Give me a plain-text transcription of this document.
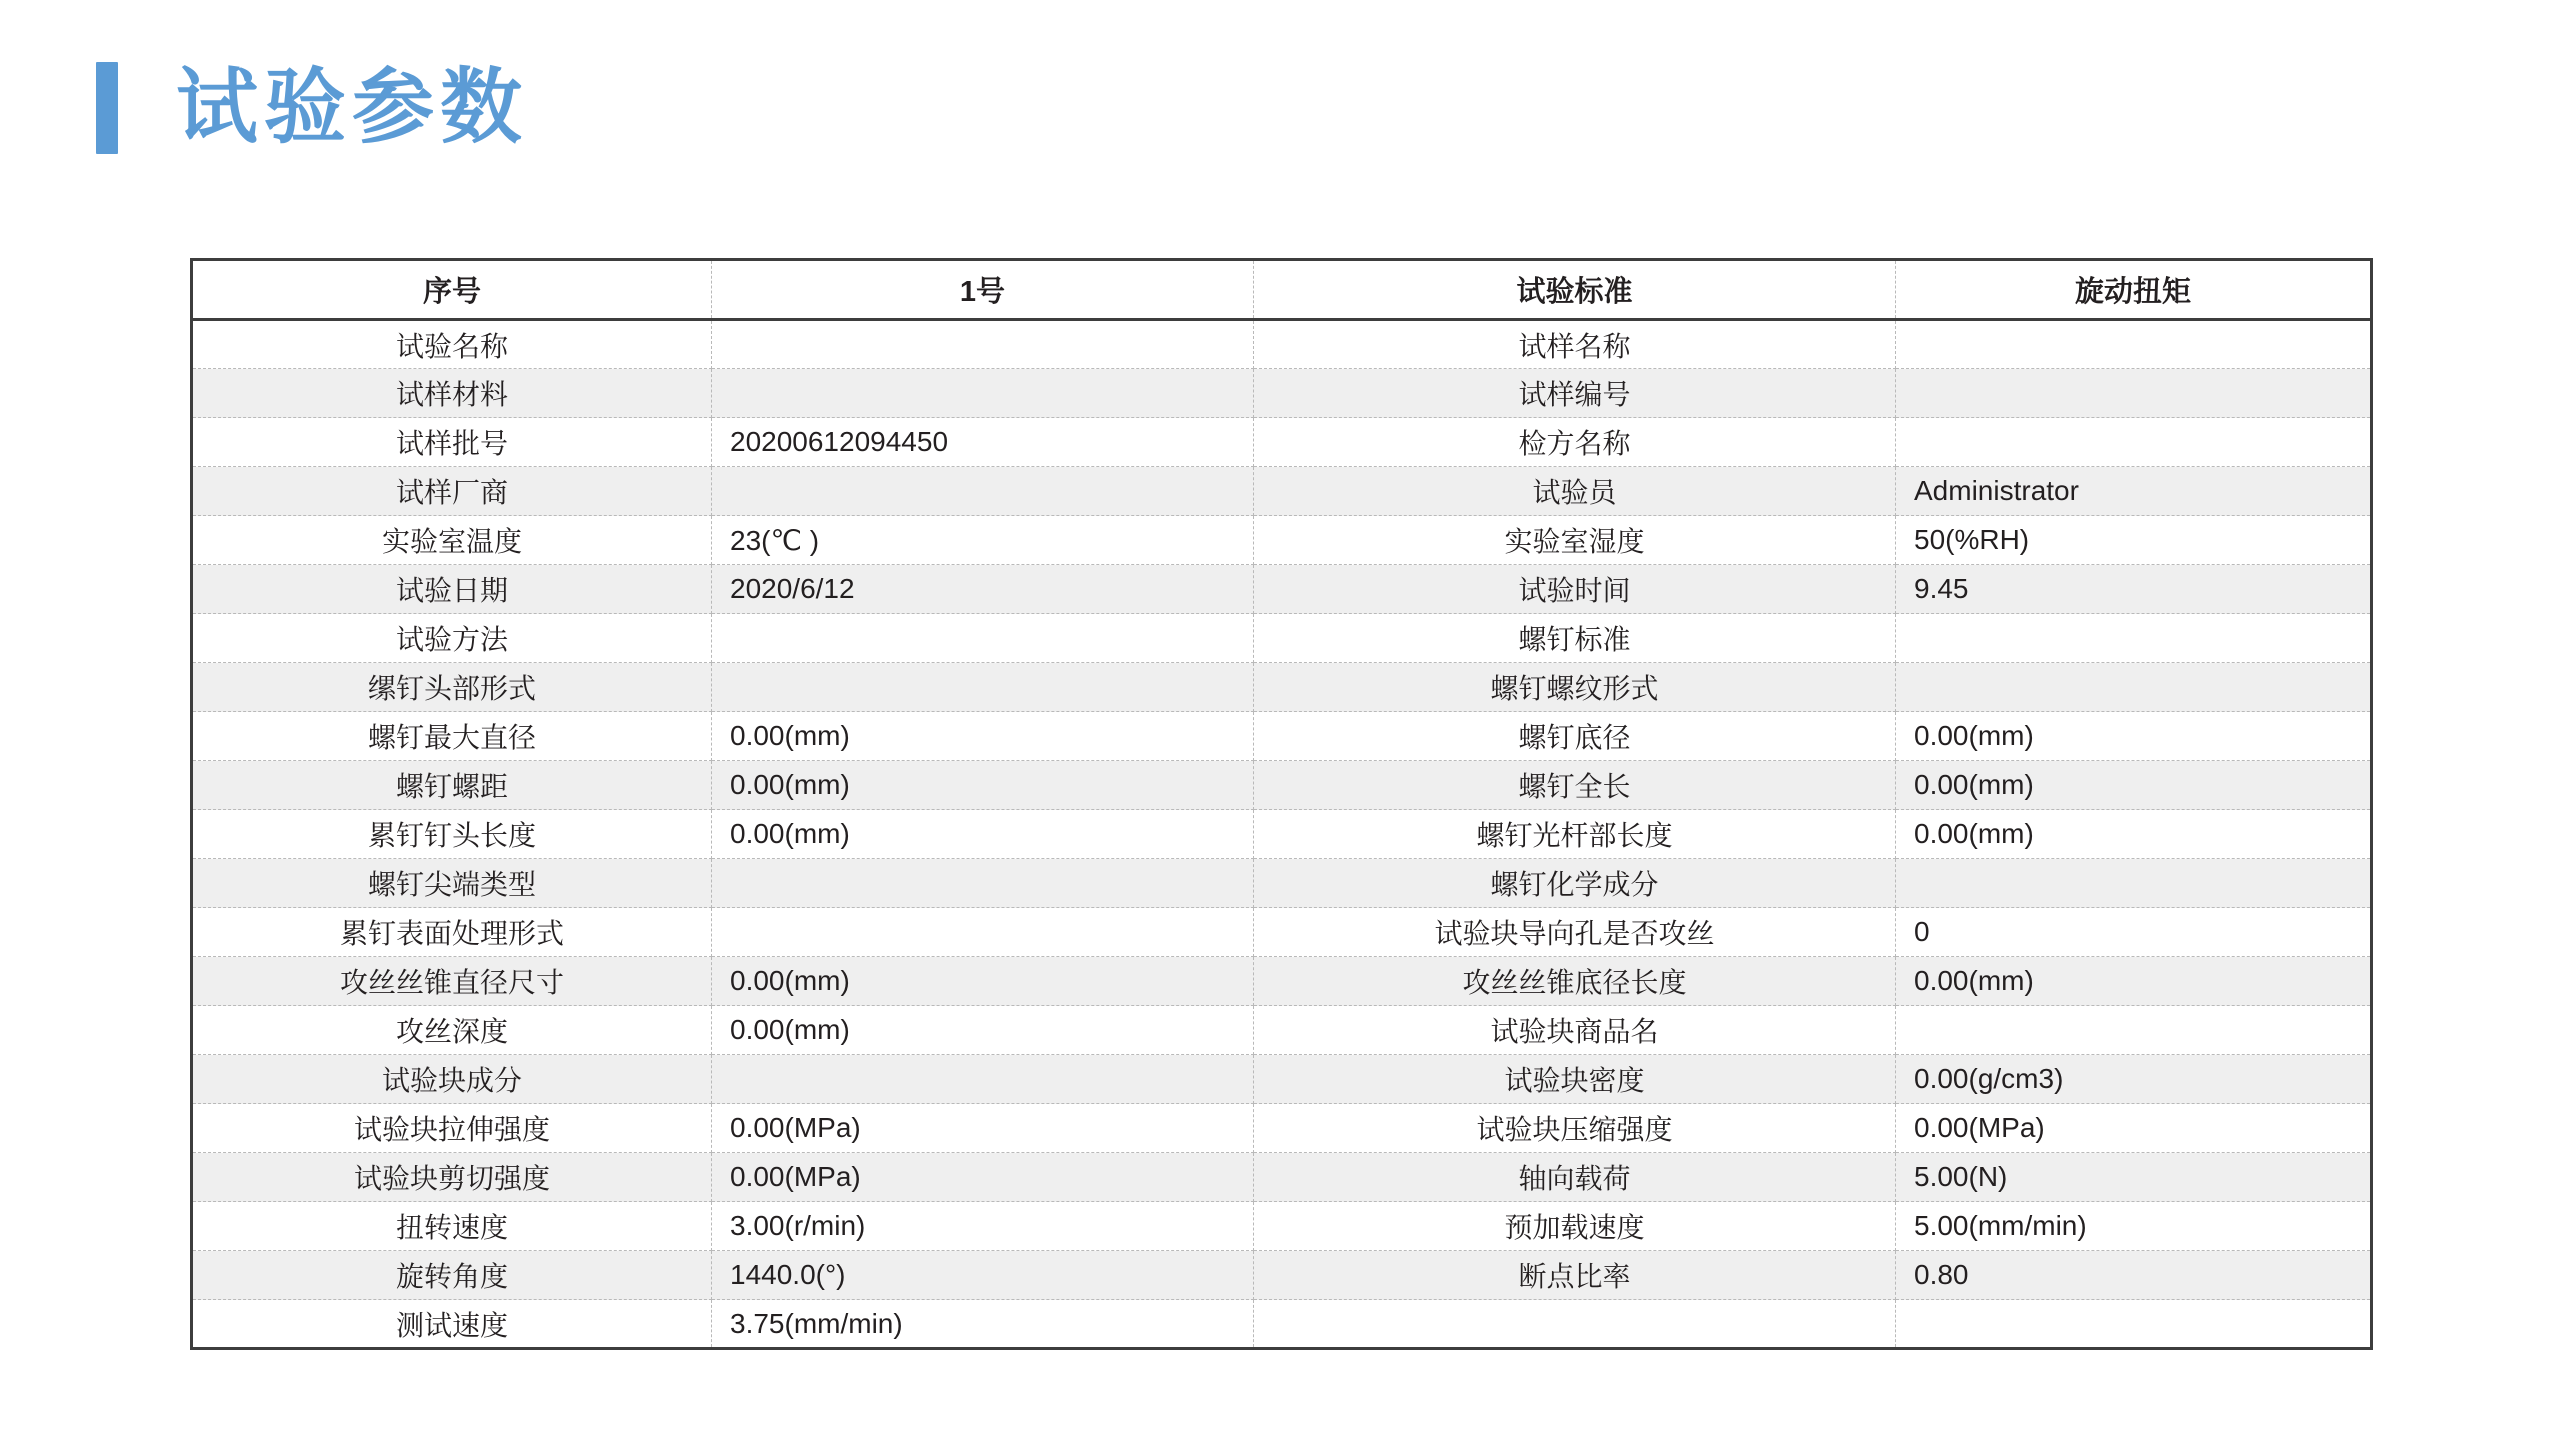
试验参数
序号	1号	试验标准	旋动扭矩
试验名称		试样名称	
试样材料		试样编号	
试样批号	20200612094450	检方名称	
试样厂商		试验员	Administrator
实验室温度	23(℃ )	实验室湿度	50(%RH)
试验日期	2020/6/12	试验时间	9.45
试验方法		螺钉标准	
缧钉头部形式		螺钉螺纹形式	
螺钉最大直径	0.00(mm)	螺钉底径	0.00(mm)
螺钉螺距	0.00(mm)	螺钉全长	0.00(mm)
累钉钉头长度	0.00(mm)	螺钉光杆部长度	0.00(mm)
螺钉尖端类型		螺钉化学成分	
累钉表面处理形式		试验块导向孔是否攻丝	0
攻丝丝锥直径尺寸	0.00(mm)	攻丝丝锥底径长度	0.00(mm)
攻丝深度	0.00(mm)	试验块商品名	
试验块成分		试验块密度	0.00(g/cm3)
试验块拉伸强度	0.00(MPa)	试验块压缩强度	0.00(MPa)
试验块剪切强度	0.00(MPa)	轴向载荷	5.00(N)
扭转速度	3.00(r/min)	预加载速度	5.00(mm/min)
旋转角度	1440.0(°)	断点比率	0.80
测试速度	3.75(mm/min)		
